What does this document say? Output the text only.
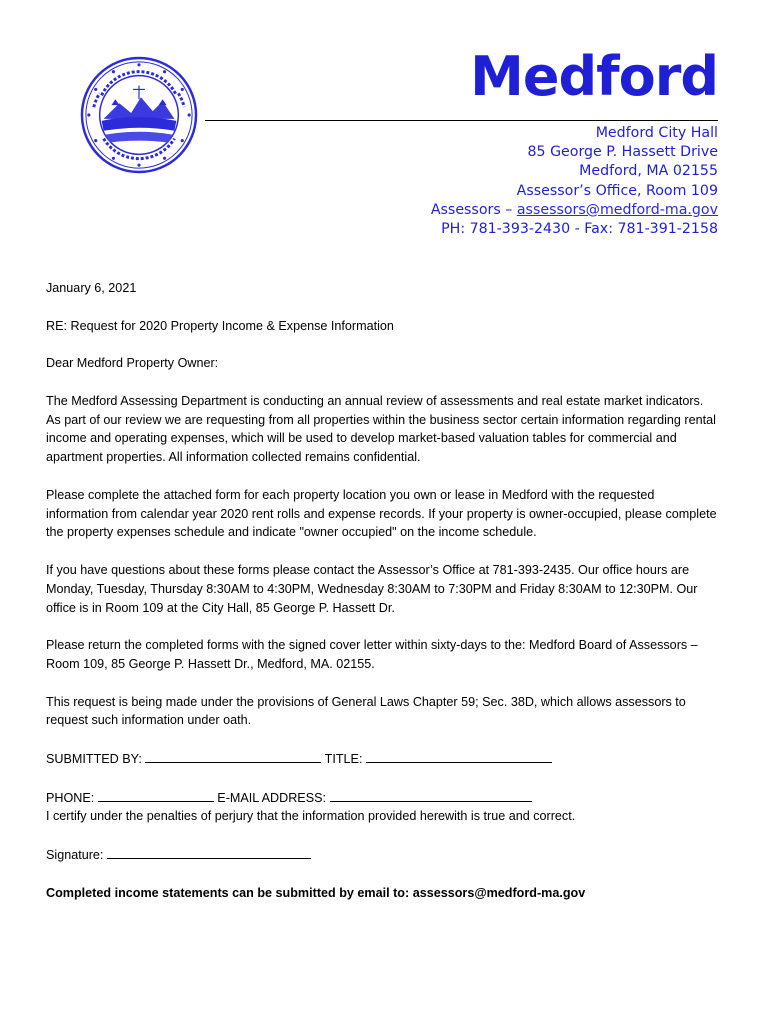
Medford
Medford City Hall
85 George P. Hassett Drive
Medford, MA 02155
Assessor’s Office, Room 109
Assessors – assessors@medford-ma.gov
PH: 781-393-2430 - Fax: 781-391-2158

January 6, 2021

RE: Request for 2020 Property Income & Expense Information

Dear Medford Property Owner:

The Medford Assessing Department is conducting an annual review of assessments and real estate market indicators. As part of our review we are requesting from all properties within the business sector certain information regarding rental income and operating expenses, which will be used to develop market-based valuation tables for commercial and apartment properties. All information collected remains confidential.

Please complete the attached form for each property location you own or lease in Medford with the requested information from calendar year 2020 rent rolls and expense records. If your property is owner-occupied, please complete the property expenses schedule and indicate "owner occupied" on the income schedule.

If you have questions about these forms please contact the Assessor’s Office at 781-393-2435. Our office hours are Monday, Tuesday, Thursday 8:30AM to 4:30PM, Wednesday 8:30AM to 7:30PM and Friday 8:30AM to 12:30PM. Our office is in Room 109 at the City Hall, 85 George P. Hassett Dr.

Please return the completed forms with the signed cover letter within sixty-days to the: Medford Board of Assessors – Room 109, 85 George P. Hassett Dr., Medford, MA. 02155.

This request is being made under the provisions of General Laws Chapter 59; Sec. 38D, which allows assessors to request such information under oath.

SUBMITTED BY:	TITLE:

PHONE:	E-MAIL ADDRESS:

I certify under the penalties of perjury that the information provided herewith is true and correct.

Signature:

Completed income statements can be submitted by email to: assessors@medford-ma.gov
